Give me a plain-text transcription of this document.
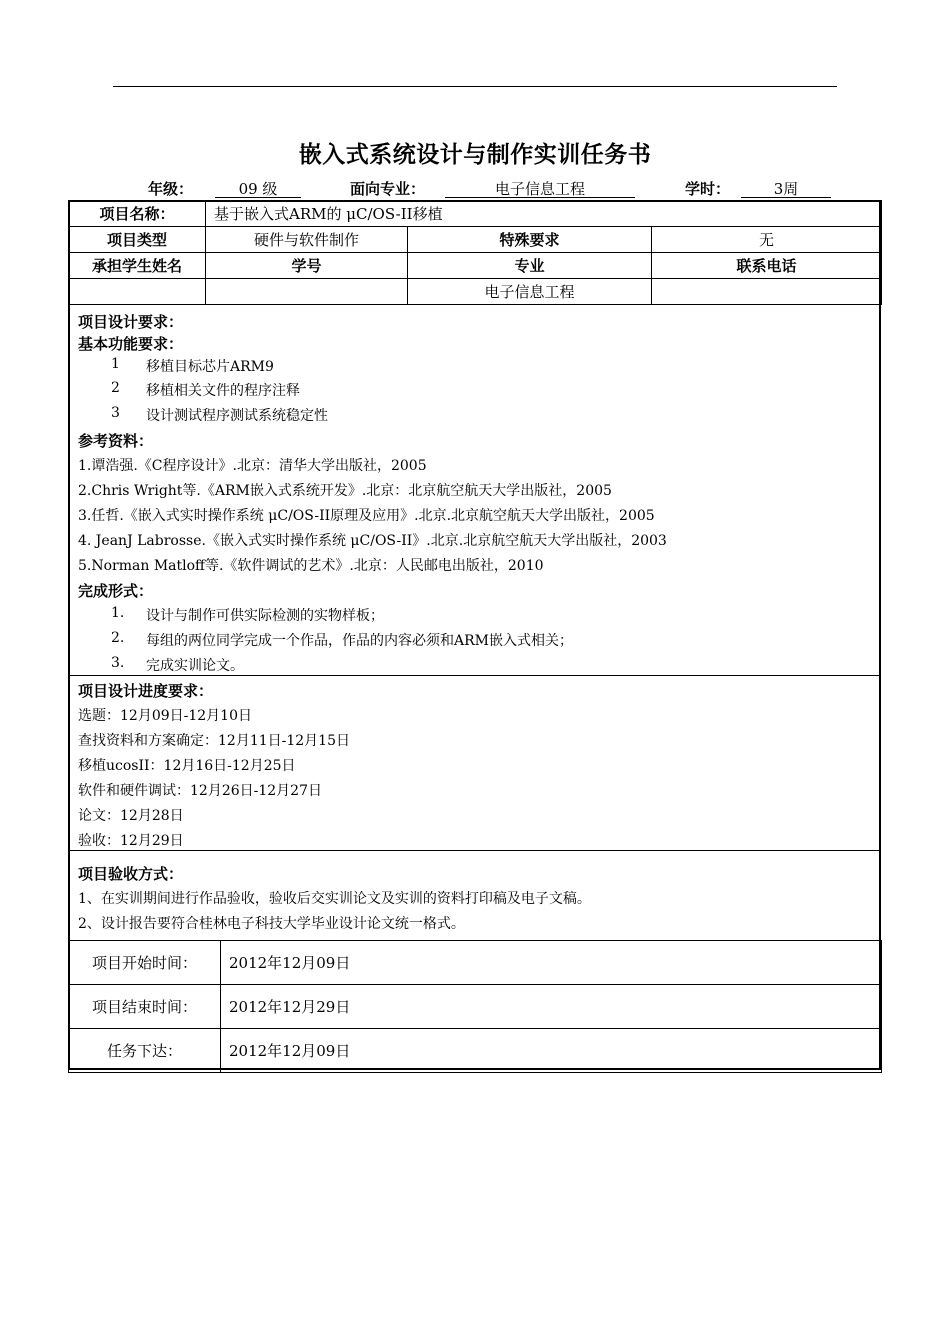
嵌入式系统设计与制作实训任务书
年级：	09 级	面向专业：	电子信息工程	学时：	3周
项目名称：	基于嵌入式ARM的 μC/OS-II移植		
项目类型	硬件与软件制作	特殊要求	无
承担学生姓名	学号	专业	联系电话
		电子信息工程	
项目设计要求：
基本功能要求：
1 移植目标芯片ARM9
2 移植相关文件的程序注释
3 设计测试程序测试系统稳定性
参考资料：
1.谭浩强.《C程序设计》.北京：清华大学出版社，2005
2.Chris Wright等.《ARM嵌入式系统开发》.北京：北京航空航天大学出版社，2005
3.任哲.《嵌入式实时操作系统 μC/OS-II原理及应用》.北京.北京航空航天大学出版社，2005
4. JeanJ Labrosse.《嵌入式实时操作系统 μC/OS-II》.北京.北京航空航天大学出版社，2003
5.Norman Matloff等.《软件调试的艺术》.北京：人民邮电出版社，2010
完成形式：
1. 设计与制作可供实际检测的实物样板；
2. 每组的两位同学完成一个作品，作品的内容必须和ARM嵌入式相关；
3. 完成实训论文。
项目设计进度要求：
选题：12月09日-12月10日
查找资料和方案确定：12月11日-12月15日
移植ucosII：12月16日-12月25日
软件和硬件调试：12月26日-12月27日
论文：12月28日
验收：12月29日
项目验收方式：
1、在实训期间进行作品验收，验收后交实训论文及实训的资料打印稿及电子文稿。
2、设计报告要符合桂林电子科技大学毕业设计论文统一格式。
项目开始时间：	2012年12月09日
项目结束时间：	2012年12月29日
任务下达：	2012年12月09日
